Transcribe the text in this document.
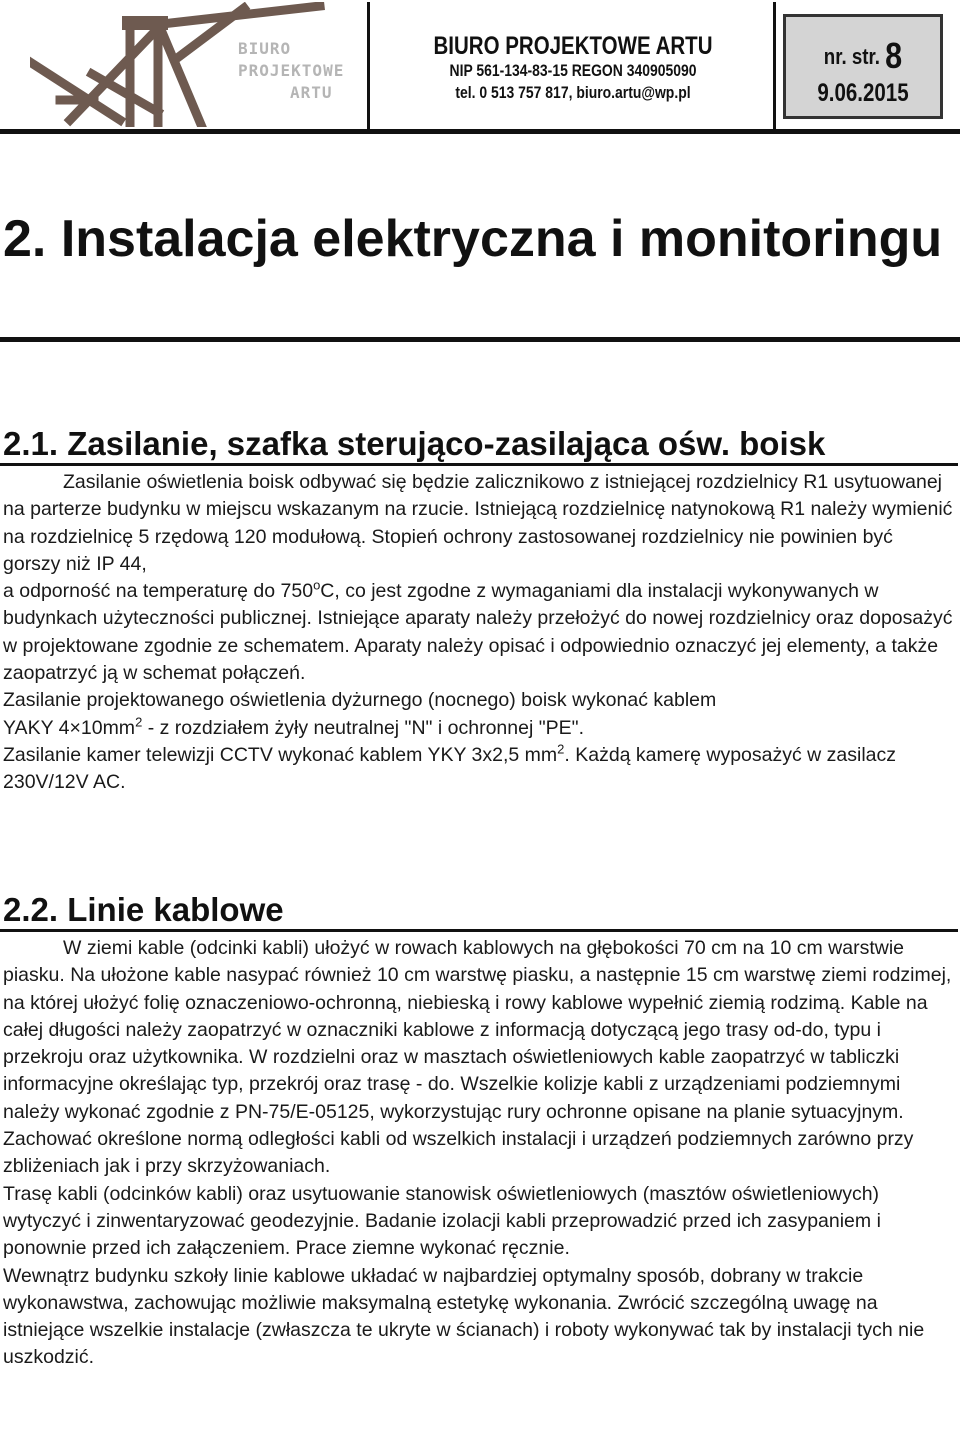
BIURO
PROJEKTOWE
ARTU
BIURO PROJEKTOWE ARTU
NIP 561-134-83-15 REGON 340905090
tel. 0 513 757 817, biuro.artu@wp.pl
nr. str. 8
9.06.2015
2. Instalacja elektryczna i monitoringu
2.1. Zasilanie, szafka sterująco-zasilająca ośw. boisk

Zasilanie oświetlenia boisk odbywać się będzie zalicznikowo z istniejącej rozdzielnicy R1 usytuowanej na parterze budynku w miejscu wskazanym na rzucie. Istniejącą rozdzielnicę natynokową R1 należy wymienić na rozdzielnicę 5 rzędową 120 modułową. Stopień ochrony zastosowanej rozdzielnicy nie powinien być gorszy niż IP 44,

a odporność na temperaturę do 750$^o$C, co jest zgodne z wymaganiami dla instalacji wykonywanych w budynkach użyteczności publicznej. Istniejące aparaty należy przełożyć do nowej rozdzielnicy oraz doposażyć w projektowane zgodnie ze schematem. Aparaty należy opisać i odpowiednio oznaczyć jej elementy, a także zaopatrzyć ją w schemat połączeń.

Zasilanie projektowanego oświetlenia dyżurnego (nocnego) boisk wykonać kablem

YAKY $4\times 10mm^2 - z$ rozdziałem żyły neutralnej "N" i ochronnej "PE".

Zasilanie kamer telewizji CCTV wykonać kablem YKY 3x2,5 $mm^2$. Każdą kamerę wyposażyć w zasilacz 230V/12V AC.

2.2. Linie kablowe

W ziemi kable (odcinki kabli) ułożyć w rowach kablowych na głębokości 70 cm na 10 cm warstwie piasku. Na ułożone kable nasypać również 10 cm warstwę piasku, a następnie 15 cm warstwę ziemi rodzimej, na której ułożyć folię oznaczeniowo-ochronną, niebieską i rowy kablowe wypełnić ziemią rodzimą. Kable na całej długości należy zaopatrzyć w oznaczniki kablowe z informacją dotyczącą jego trasy od-do, typu i przekroju oraz użytkownika. W rozdzielni oraz w masztach oświetleniowych kable zaopatrzyć w tabliczki informacyjne określając typ, przekrój oraz trasę - do. Wszelkie kolizje kabli z urządzeniami podziemnymi należy wykonać zgodnie z PN-75/E-05125, wykorzystując rury ochronne opisane na planie sytuacyjnym. Zachować określone normą odległości kabli od wszelkich instalacji i urządzeń podziemnych zarówno przy zbliżeniach jak i przy skrzyżowaniach.

Trasę kabli (odcinków kabli) oraz usytuowanie stanowisk oświetleniowych (masztów oświetleniowych) wytyczyć i zinwentaryzować geodezyjnie. Badanie izolacji kabli przeprowadzić przed ich zasypaniem i ponownie przed ich załączeniem. Prace ziemne wykonać ręcznie.

Wewnątrz budynku szkoły linie kablowe układać w najbardziej optymalny sposób, dobrany w trakcie wykonawstwa, zachowując możliwie maksymalną estetykę wykonania. Zwrócić szczególną uwagę na istniejące wszelkie instalacje (zwłaszcza te ukryte w ścianach) i roboty wykonywać tak by instalacji tych nie uszkodzić.
